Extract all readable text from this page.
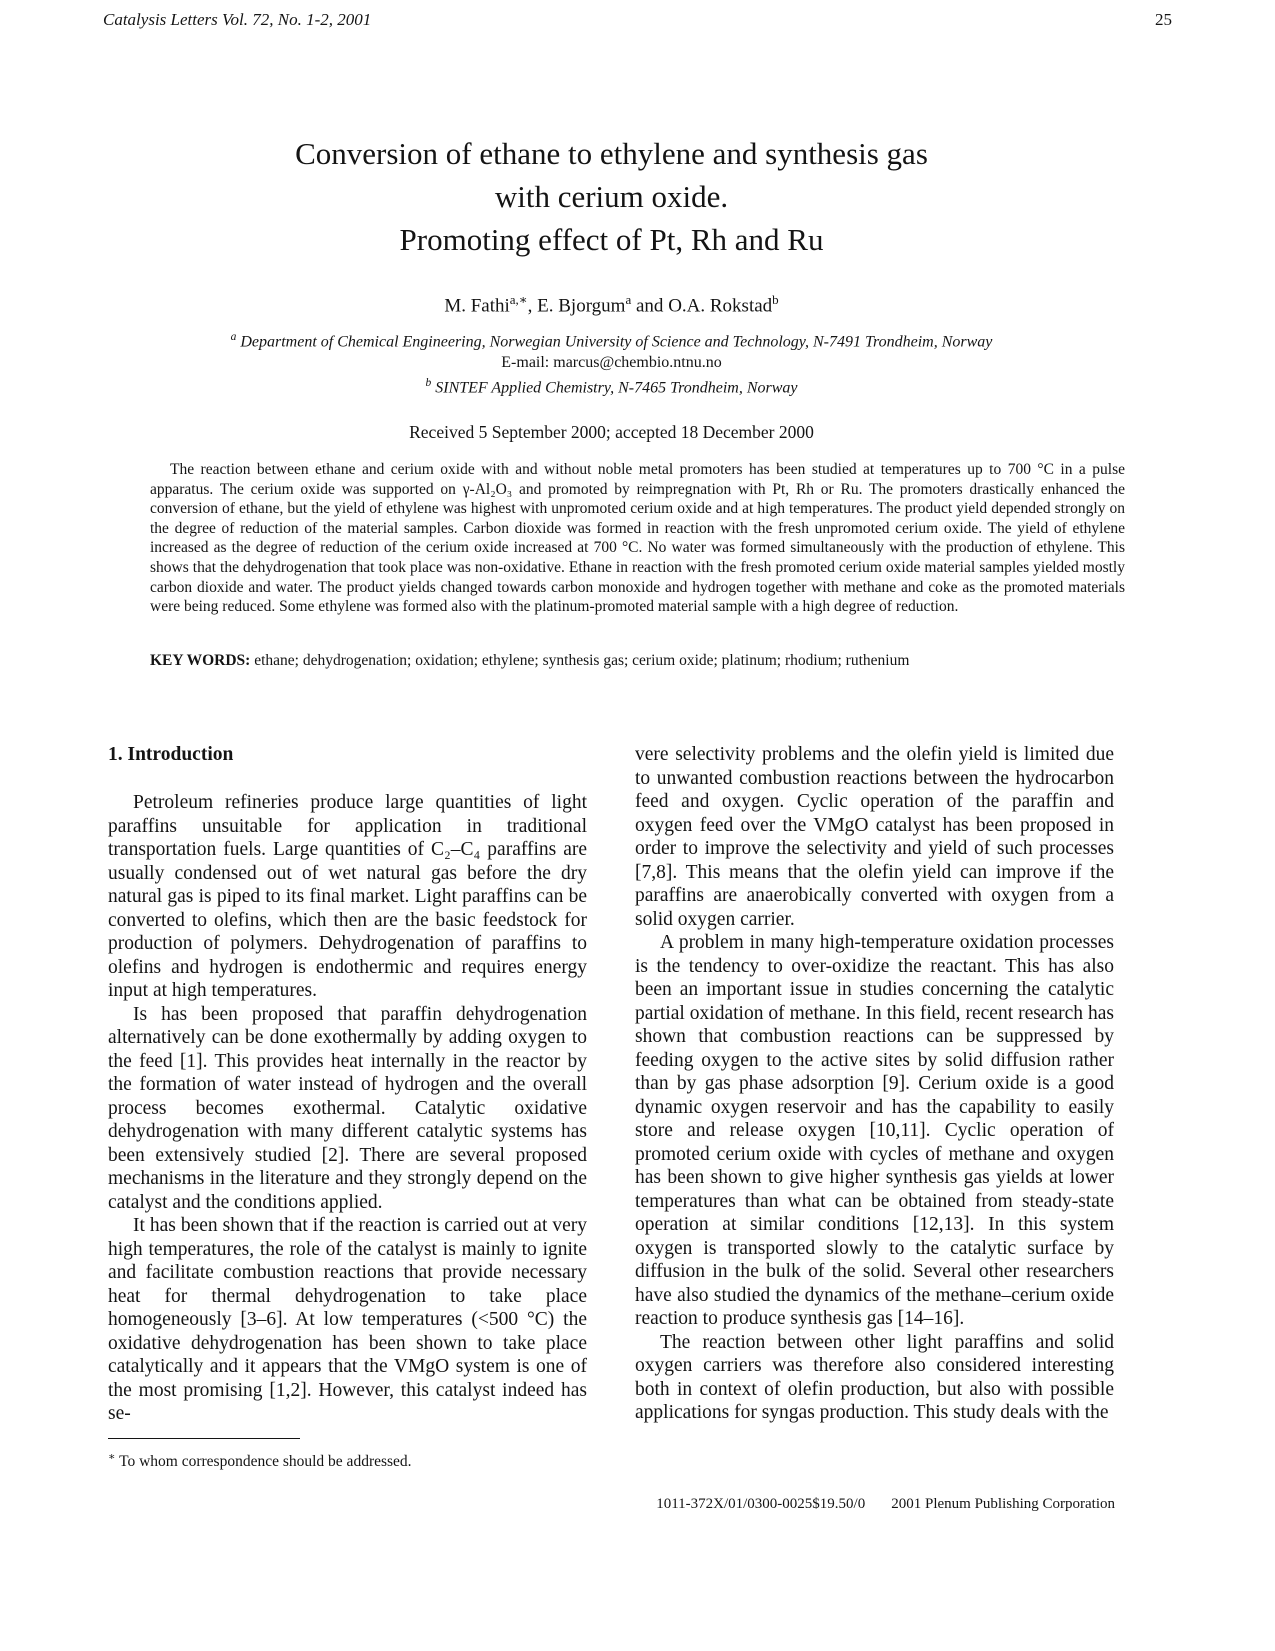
Catalysis Letters Vol. 72, No. 1-2, 2001	25
Conversion of ethane to ethylene and synthesis gas
with cerium oxide.
Promoting effect of Pt, Rh and Ru
M. Fathi$^{a,∗}$, E. Bjorgum$^a$ and O.A. Rokstad$^b$
$^a$ Department of Chemical Engineering, Norwegian University of Science and Technology, N-7491 Trondheim, Norway
E-mail: marcus@chembio.ntnu.no
$^b$ SINTEF Applied Chemistry, N-7465 Trondheim, Norway
Received 5 September 2000; accepted 18 December 2000
The reaction between ethane and cerium oxide with and without noble metal promoters has been studied at temperatures up to 700 °C in a pulse apparatus. The cerium oxide was supported on γ-Al₂O₃ and promoted by reimpregnation with Pt, Rh or Ru. The promoters drastically enhanced the conversion of ethane, but the yield of ethylene was highest with unpromoted cerium oxide and at high temperatures. The product yield depended strongly on the degree of reduction of the material samples. Carbon dioxide was formed in reaction with the fresh unpromoted cerium oxide. The yield of ethylene increased as the degree of reduction of the cerium oxide increased at 700 °C. No water was formed simultaneously with the production of ethylene. This shows that the dehydrogenation that took place was non-oxidative. Ethane in reaction with the fresh promoted cerium oxide material samples yielded mostly carbon dioxide and water. The product yields changed towards carbon monoxide and hydrogen together with methane and coke as the promoted materials were being reduced. Some ethylene was formed also with the platinum-promoted material sample with a high degree of reduction.
KEY WORDS: ethane; dehydrogenation; oxidation; ethylene; synthesis gas; cerium oxide; platinum; rhodium; ruthenium
1. Introduction

Petroleum refineries produce large quantities of light paraffins unsuitable for application in traditional transportation fuels. Large quantities of C₂–C₄ paraffins are usually condensed out of wet natural gas before the dry natural gas is piped to its final market. Light paraffins can be converted to olefins, which then are the basic feedstock for production of polymers. Dehydrogenation of paraffins to olefins and hydrogen is endothermic and requires energy input at high temperatures.

Is has been proposed that paraffin dehydrogenation alternatively can be done exothermally by adding oxygen to the feed [1]. This provides heat internally in the reactor by the formation of water instead of hydrogen and the overall process becomes exothermal. Catalytic oxidative dehydrogenation with many different catalytic systems has been extensively studied [2]. There are several proposed mechanisms in the literature and they strongly depend on the catalyst and the conditions applied.

It has been shown that if the reaction is carried out at very high temperatures, the role of the catalyst is mainly to ignite and facilitate combustion reactions that provide necessary heat for thermal dehydrogenation to take place homogeneously [3–6]. At low temperatures (<500 °C) the oxidative dehydrogenation has been shown to take place catalytically and it appears that the VMgO system is one of the most promising [1,2]. However, this catalyst indeed has se-

vere selectivity problems and the olefin yield is limited due to unwanted combustion reactions between the hydrocarbon feed and oxygen. Cyclic operation of the paraffin and oxygen feed over the VMgO catalyst has been proposed in order to improve the selectivity and yield of such processes [7,8]. This means that the olefin yield can improve if the paraffins are anaerobically converted with oxygen from a solid oxygen carrier.

A problem in many high-temperature oxidation processes is the tendency to over-oxidize the reactant. This has also been an important issue in studies concerning the catalytic partial oxidation of methane. In this field, recent research has shown that combustion reactions can be suppressed by feeding oxygen to the active sites by solid diffusion rather than by gas phase adsorption [9]. Cerium oxide is a good dynamic oxygen reservoir and has the capability to easily store and release oxygen [10,11]. Cyclic operation of promoted cerium oxide with cycles of methane and oxygen has been shown to give higher synthesis gas yields at lower temperatures than what can be obtained from steady-state operation at similar conditions [12,13]. In this system oxygen is transported slowly to the catalytic surface by diffusion in the bulk of the solid. Several other researchers have also studied the dynamics of the methane–cerium oxide reaction to produce synthesis gas [14–16].

The reaction between other light paraffins and solid oxygen carriers was therefore also considered interesting both in context of olefin production, but also with possible applications for syngas production. This study deals with the

∗ To whom correspondence should be addressed.
1011-372X/01/0300-0025$19.50/0 2001 Plenum Publishing Corporation
